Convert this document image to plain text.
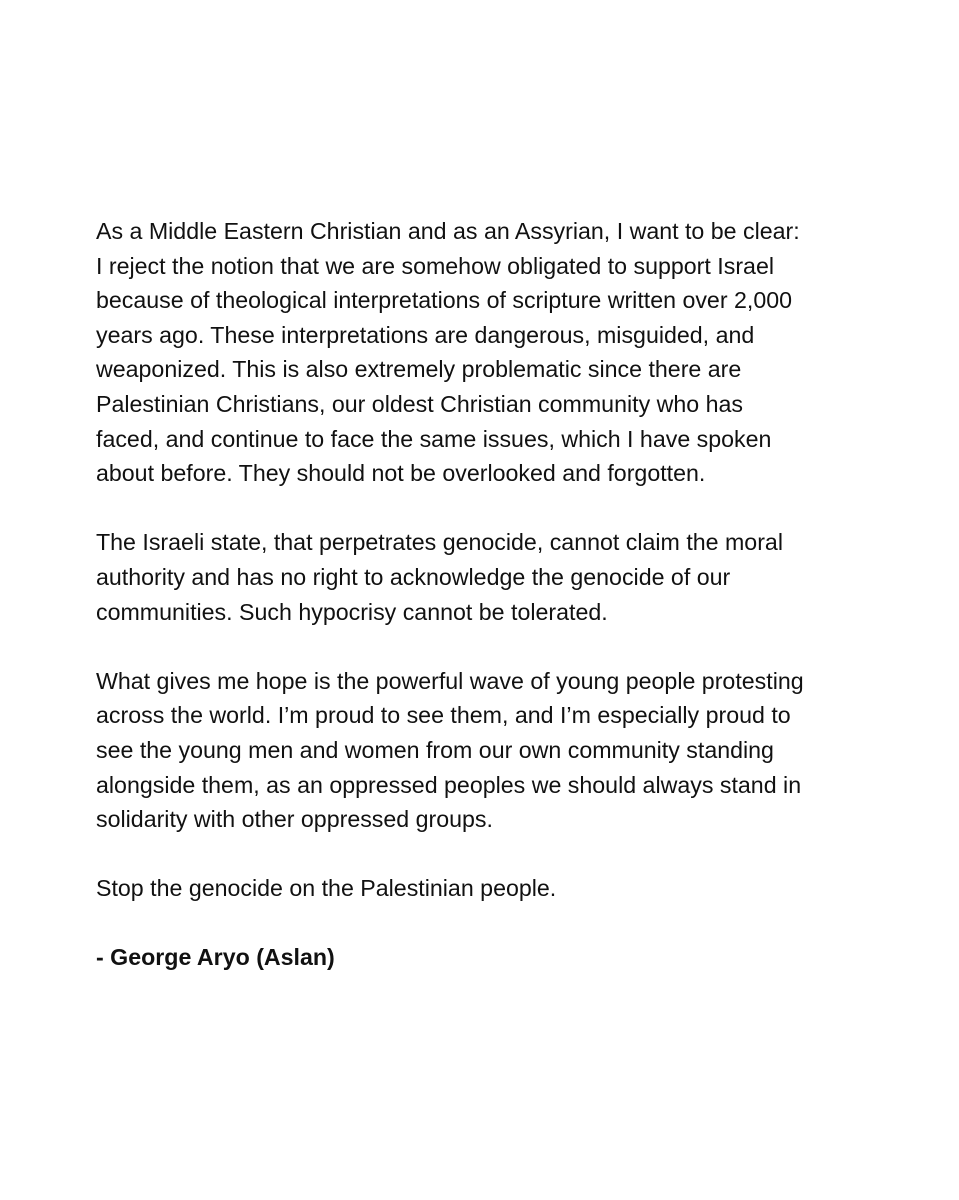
As a Middle Eastern Christian and as an Assyrian, I want to be clear:
I reject the notion that we are somehow obligated to support Israel
because of theological interpretations of scripture written over 2,000
years ago. These interpretations are dangerous, misguided, and
weaponized. This is also extremely problematic since there are
Palestinian Christians, our oldest Christian community who has
faced, and continue to face the same issues, which I have spoken
about before. They should not be overlooked and forgotten.

The Israeli state, that perpetrates genocide, cannot claim the moral
authority and has no right to acknowledge the genocide of our
communities. Such hypocrisy cannot be tolerated.

What gives me hope is the powerful wave of young people protesting
across the world. I’m proud to see them, and I’m especially proud to
see the young men and women from our own community standing
alongside them, as an oppressed peoples we should always stand in
solidarity with other oppressed groups.

Stop the genocide on the Palestinian people.

- George Aryo (Aslan)
